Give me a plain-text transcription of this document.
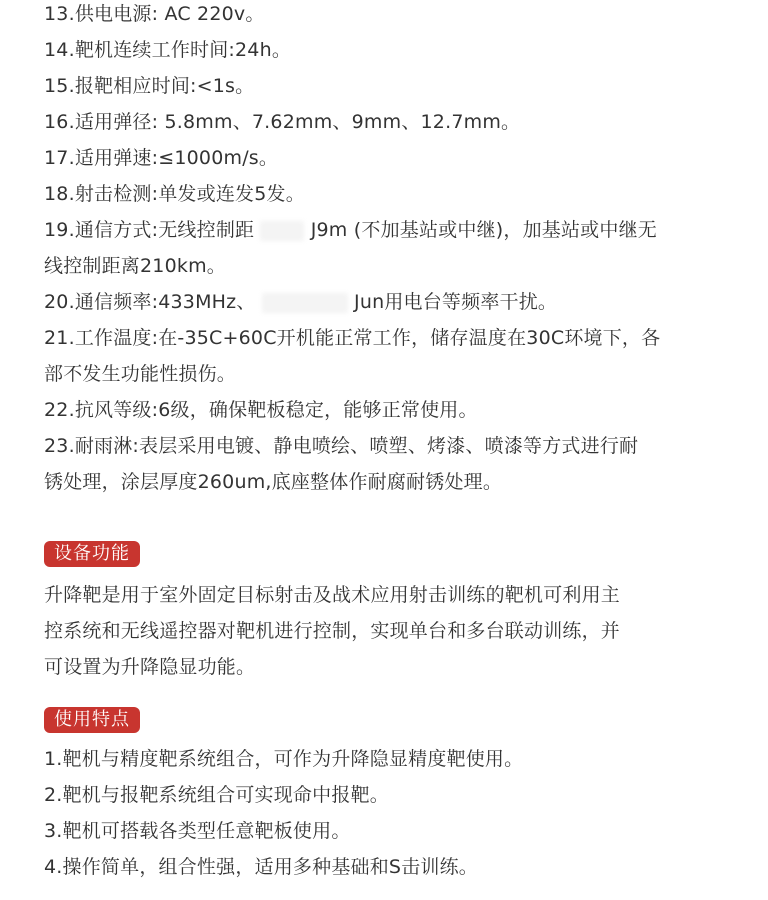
13.供电电源: AC 220v。
14.靶机连续工作时间:24h。
15.报靶相应时间:<1s。
16.适用弹径: 5.8mm、7.62mm、9mm、12.7mm。
17.适用弹速:≤1000m/s。
18.射击检测:单发或连发5发。
19.通信方式:无线控制距	J9m (不加基站或中继)，加基站或中继无
线控制距离210km。
20.通信频率:433MHz、	Jun用电台等频率干扰。
21.工作温度:在-35C+60C开机能正常工作，储存温度在30C环境下，各
部不发生功能性损伤。
22.抗风等级:6级，确保靶板稳定，能够正常使用。
23.耐雨淋:表层采用电镀、静电喷绘、喷塑、烤漆、喷漆等方式进行耐
锈处理，涂层厚度260um,底座整体作耐腐耐锈处理。
设备功能
升降靶是用于室外固定目标射击及战术应用射击训练的靶机可利用主
控系统和无线遥控器对靶机进行控制，实现单台和多台联动训练，并
可设置为升降隐显功能。
使用特点
1.靶机与精度靶系统组合，可作为升降隐显精度靶使用。
2.靶机与报靶系统组合可实现命中报靶。
3.靶机可搭载各类型任意靶板使用。
4.操作简单，组合性强，适用多种基础和S击训练。
